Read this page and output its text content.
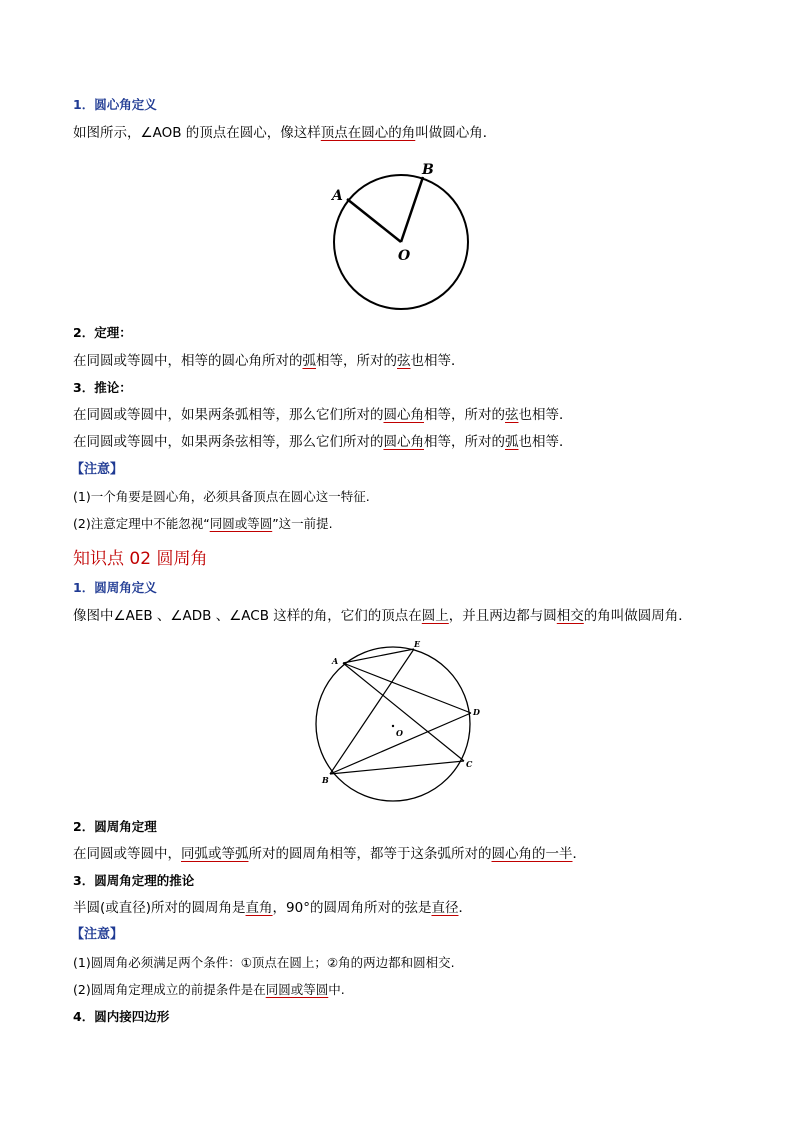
1．圆心角定义
如图所示，∠AOB 的顶点在圆心，像这样顶点在圆心的角叫做圆心角．
A
B
O
2．定理：
在同圆或等圆中，相等的圆心角所对的弧相等，所对的弦也相等．
3．推论：
在同圆或等圆中，如果两条弧相等，那么它们所对的圆心角相等，所对的弦也相等．
在同圆或等圆中，如果两条弦相等，那么它们所对的圆心角相等，所对的弧也相等．
【注意】
(1)一个角要是圆心角，必须具备顶点在圆心这一特征.
(2)注意定理中不能忽视“同圆或等圆”这一前提.
知识点 02 圆周角
1．圆周角定义
像图中∠AEB 、∠ADB 、∠ACB 这样的角，它们的顶点在圆上，并且两边都与圆相交的角叫做圆周角．
A
B
C
D
E
O
2．圆周角定理
在同圆或等圆中，同弧或等弧所对的圆周角相等，都等于这条弧所对的圆心角的一半．
3．圆周角定理的推论
半圆(或直径)所对的圆周角是直角，90°的圆周角所对的弦是直径．
【注意】
(1)圆周角必须满足两个条件：①顶点在圆上；②角的两边都和圆相交.
(2)圆周角定理成立的前提条件是在同圆或等圆中.
4．圆内接四边形
